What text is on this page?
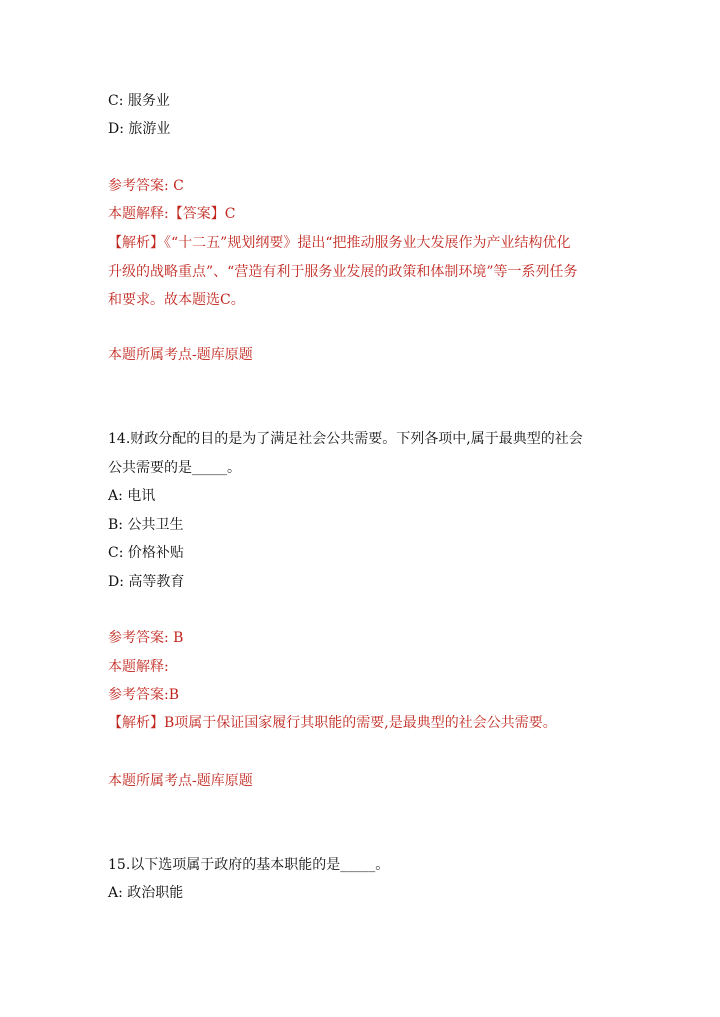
C: 服务业
D: 旅游业
参考答案: C
本题解释:【答案】C
【解析】《“十二五”规划纲要》提出“把推动服务业大发展作为产业结构优化
升级的战略重点”、“营造有利于服务业发展的政策和体制环境”等一系列任务
和要求。故本题选C。
本题所属考点-题库原题
14.财政分配的目的是为了满足社会公共需要。下列各项中,属于最典型的社会
公共需要的是_____。
A: 电讯
B: 公共卫生
C: 价格补贴
D: 高等教育
参考答案: B
本题解释:
参考答案:B
【解析】B项属于保证国家履行其职能的需要,是最典型的社会公共需要。
本题所属考点-题库原题
15.以下选项属于政府的基本职能的是_____。
A: 政治职能
